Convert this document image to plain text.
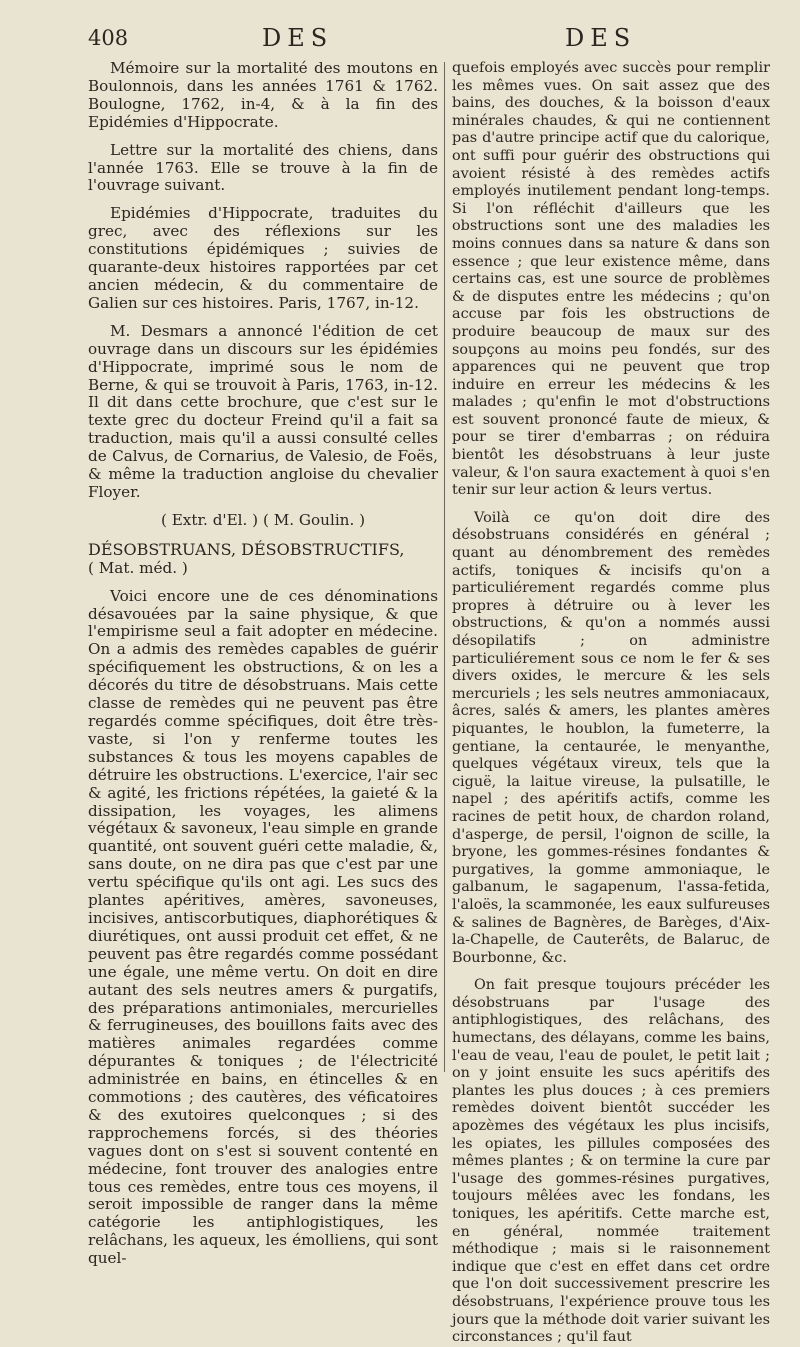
408	DES	DES

Mémoire sur la mortalité des moutons en Boulonnois, dans les années 1761 & 1762. Boulogne, 1762, in-4, & à la fin des Epidémies d'Hippocrate.

Lettre sur la mortalité des chiens, dans l'année 1763. Elle se trouve à la fin de l'ouvrage suivant.

Epidémies d'Hippocrate, traduites du grec, avec des réflexions sur les constitutions épidémiques ; suivies de quarante-deux histoires rapportées par cet ancien médecin, & du commentaire de Galien sur ces histoires. Paris, 1767, in-12.

M. Desmars a annoncé l'édition de cet ouvrage dans un discours sur les épidémies d'Hippocrate, imprimé sous le nom de Berne, & qui se trouvoit à Paris, 1763, in-12. Il dit dans cette brochure, que c'est sur le texte grec du docteur Freind qu'il a fait sa traduction, mais qu'il a aussi consulté celles de Calvus, de Cornarius, de Valesio, de Foës, & même la traduction angloise du chevalier Floyer.

( Extr. d'El. ) ( M. Goulin. )

DÉSOBSTRUANS, DÉSOBSTRUCTIFS,

( Mat. méd. )

Voici encore une de ces dénominations désavouées par la saine physique, & que l'empirisme seul a fait adopter en médecine. On a admis des remèdes capables de guérir spécifiquement les obstructions, & on les a décorés du titre de désobstruans. Mais cette classe de remèdes qui ne peuvent pas être regardés comme spécifiques, doit être très-vaste, si l'on y renferme toutes les substances & tous les moyens capables de détruire les obstructions. L'exercice, l'air sec & agité, les frictions répétées, la gaieté & la dissipation, les voyages, les alimens végétaux & savoneux, l'eau simple en grande quantité, ont souvent guéri cette maladie, &, sans doute, on ne dira pas que c'est par une vertu spécifique qu'ils ont agi. Les sucs des plantes apéritives, amères, savoneuses, incisives, antiscorbutiques, diaphorétiques & diurétiques, ont aussi produit cet effet, & ne peuvent pas être regardés comme possédant une égale, une même vertu. On doit en dire autant des sels neutres amers & purgatifs, des préparations antimoniales, mercurielles & ferrugineuses, des bouillons faits avec des matières animales regardées comme dépurantes & toniques ; de l'électricité administrée en bains, en étincelles & en commotions ; des cautères, des véficatoires & des exutoires quelconques ; si des rapprochemens forcés, si des théories vagues dont on s'est si souvent contenté en médecine, font trouver des analogies entre tous ces remèdes, entre tous ces moyens, il seroit impossible de ranger dans la même catégorie les antiphlogistiques, les relâchans, les aqueux, les émolliens, qui sont quel-

quefois employés avec succès pour remplir les mêmes vues. On sait assez que des bains, des douches, & la boisson d'eaux minérales chaudes, & qui ne contiennent pas d'autre principe actif que du calorique, ont suffi pour guérir des obstructions qui avoient résisté à des remèdes actifs employés inutilement pendant long-temps. Si l'on réfléchit d'ailleurs que les obstructions sont une des maladies les moins connues dans sa nature & dans son essence ; que leur existence même, dans certains cas, est une source de problèmes & de disputes entre les médecins ; qu'on accuse par fois les obstructions de produire beaucoup de maux sur des soupçons au moins peu fondés, sur des apparences qui ne peuvent que trop induire en erreur les médecins & les malades ; qu'enfin le mot d'obstructions est souvent prononcé faute de mieux, & pour se tirer d'embarras ; on réduira bientôt les désobstruans à leur juste valeur, & l'on saura exactement à quoi s'en tenir sur leur action & leurs vertus.

Voilà ce qu'on doit dire des désobstruans considérés en général ; quant au dénombrement des remèdes actifs, toniques & incisifs qu'on a particuliérement regardés comme plus propres à détruire ou à lever les obstructions, & qu'on a nommés aussi désopilatifs ; on administre particuliérement sous ce nom le fer & ses divers oxides, le mercure & les sels mercuriels ; les sels neutres ammoniacaux, âcres, salés & amers, les plantes amères piquantes, le houblon, la fumeterre, la gentiane, la centaurée, le menyanthe, quelques végétaux vireux, tels que la ciguë, la laitue vireuse, la pulsatille, le napel ; des apéritifs actifs, comme les racines de petit houx, de chardon roland, d'asperge, de persil, l'oignon de scille, la bryone, les gommes-résines fondantes & purgatives, la gomme ammoniaque, le galbanum, le sagapenum, l'assa-fetida, l'aloës, la scammonée, les eaux sulfureuses & salines de Bagnères, de Barèges, d'Aix-la-Chapelle, de Cauterêts, de Balaruc, de Bourbonne, &c.

On fait presque toujours précéder les désobstruans par l'usage des antiphlogistiques, des relâchans, des humectans, des délayans, comme les bains, l'eau de veau, l'eau de poulet, le petit lait ; on y joint ensuite les sucs apéritifs des plantes les plus douces ; à ces premiers remèdes doivent bientôt succéder les apozèmes des végétaux les plus incisifs, les opiates, les pillules composées des mêmes plantes ; & on termine la cure par l'usage des gommes-résines purgatives, toujours mêlées avec les fondans, les toniques, les apéritifs. Cette marche est, en général, nommée traitement méthodique ; mais si le raisonnement indique que c'est en effet dans cet ordre que l'on doit successivement prescrire les désobstruans, l'expérience prouve tous les jours que la méthode doit varier suivant les circonstances ; qu'il faut
